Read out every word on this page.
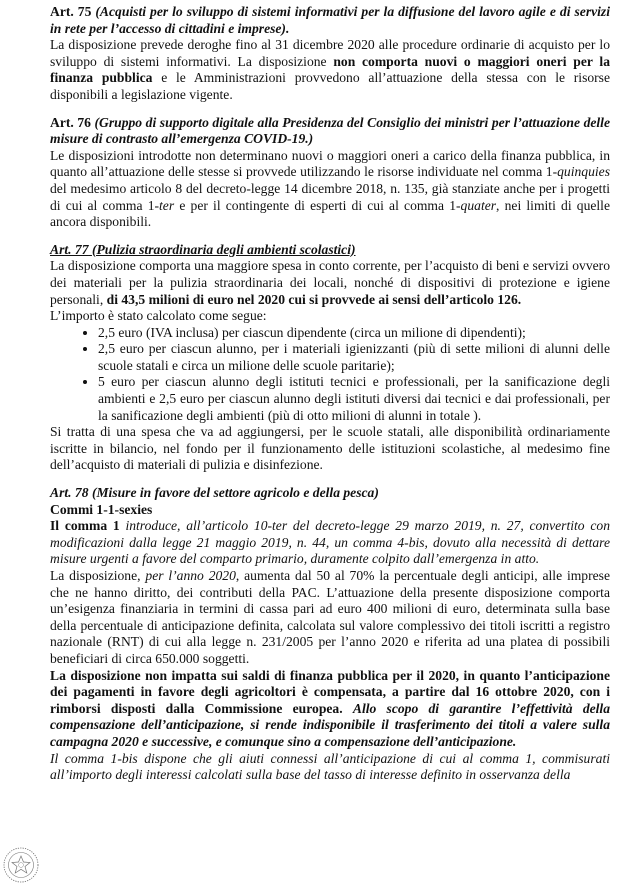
Art. 75 (Acquisti per lo sviluppo di sistemi informativi per la diffusione del lavoro agile e di servizi in rete per l’accesso di cittadini e imprese).

La disposizione prevede deroghe fino al 31 dicembre 2020 alle procedure ordinarie di acquisto per lo sviluppo di sistemi informativi. La disposizione non comporta nuovi o maggiori oneri per la finanza pubblica e le Amministrazioni provvedono all’attuazione della stessa con le risorse disponibili a legislazione vigente.

Art. 76 (Gruppo di supporto digitale alla Presidenza del Consiglio dei ministri per l’attuazione delle misure di contrasto all’emergenza COVID-19.)

Le disposizioni introdotte non determinano nuovi o maggiori oneri a carico della finanza pubblica, in quanto all’attuazione delle stesse si provvede utilizzando le risorse individuate nel comma 1-quinquies del medesimo articolo 8 del decreto-legge 14 dicembre 2018, n. 135, già stanziate anche per i progetti di cui al comma 1-ter e per il contingente di esperti di cui al comma 1-quater, nei limiti di quelle ancora disponibili.

Art. 77 (Pulizia straordinaria degli ambienti scolastici)

La disposizione comporta una maggiore spesa in conto corrente, per l’acquisto di beni e servizi ovvero dei materiali per la pulizia straordinaria dei locali, nonché di dispositivi di protezione e igiene personali, di 43,5 milioni di euro nel 2020 cui si provvede ai sensi dell’articolo 126.

L’importo è stato calcolato come segue:

• 2,5 euro (IVA inclusa) per ciascun dipendente (circa un milione di dipendenti);
• 2,5 euro per ciascun alunno, per i materiali igienizzanti (più di sette milioni di alunni delle scuole statali e circa un milione delle scuole paritarie);
• 5 euro per ciascun alunno degli istituti tecnici e professionali, per la sanificazione degli ambienti e 2,5 euro per ciascun alunno degli istituti diversi dai tecnici e dai professionali, per la sanificazione degli ambienti (più di otto milioni di alunni in totale ).

Si tratta di una spesa che va ad aggiungersi, per le scuole statali, alle disponibilità ordinariamente iscritte in bilancio, nel fondo per il funzionamento delle istituzioni scolastiche, al medesimo fine dell’acquisto di materiali di pulizia e disinfezione.

Art. 78 (Misure in favore del settore agricolo e della pesca)

Commi 1-1-sexies

Il comma 1 introduce, all’articolo 10-ter del decreto-legge 29 marzo 2019, n. 27, convertito con modificazioni dalla legge 21 maggio 2019, n. 44, un comma 4-bis, dovuto alla necessità di dettare misure urgenti a favore del comparto primario, duramente colpito dall’emergenza in atto.

La disposizione, per l’anno 2020, aumenta dal 50 al 70% la percentuale degli anticipi, alle imprese che ne hanno diritto, dei contributi della PAC. L’attuazione della presente disposizione comporta un’esigenza finanziaria in termini di cassa pari ad euro 400 milioni di euro, determinata sulla base della percentuale di anticipazione definita, calcolata sul valore complessivo dei titoli iscritti a registro nazionale (RNT) di cui alla legge n. 231/2005 per l’anno 2020 e riferita ad una platea di possibili beneficiari di circa 650.000 soggetti.

La disposizione non impatta sui saldi di finanza pubblica per il 2020, in quanto l’anticipazione dei pagamenti in favore degli agricoltori è compensata, a partire dal 16 ottobre 2020, con i rimborsi disposti dalla Commissione europea. Allo scopo di garantire l’effettività della compensazione dell’anticipazione, si rende indisponibile il trasferimento dei titoli a valere sulla campagna 2020 e successive, e comunque sino a compensazione dell’anticipazione.

Il comma 1-bis dispone che gli aiuti connessi all’anticipazione di cui al comma 1, commisurati all’importo degli interessi calcolati sulla base del tasso di interesse definito in osservanza della
